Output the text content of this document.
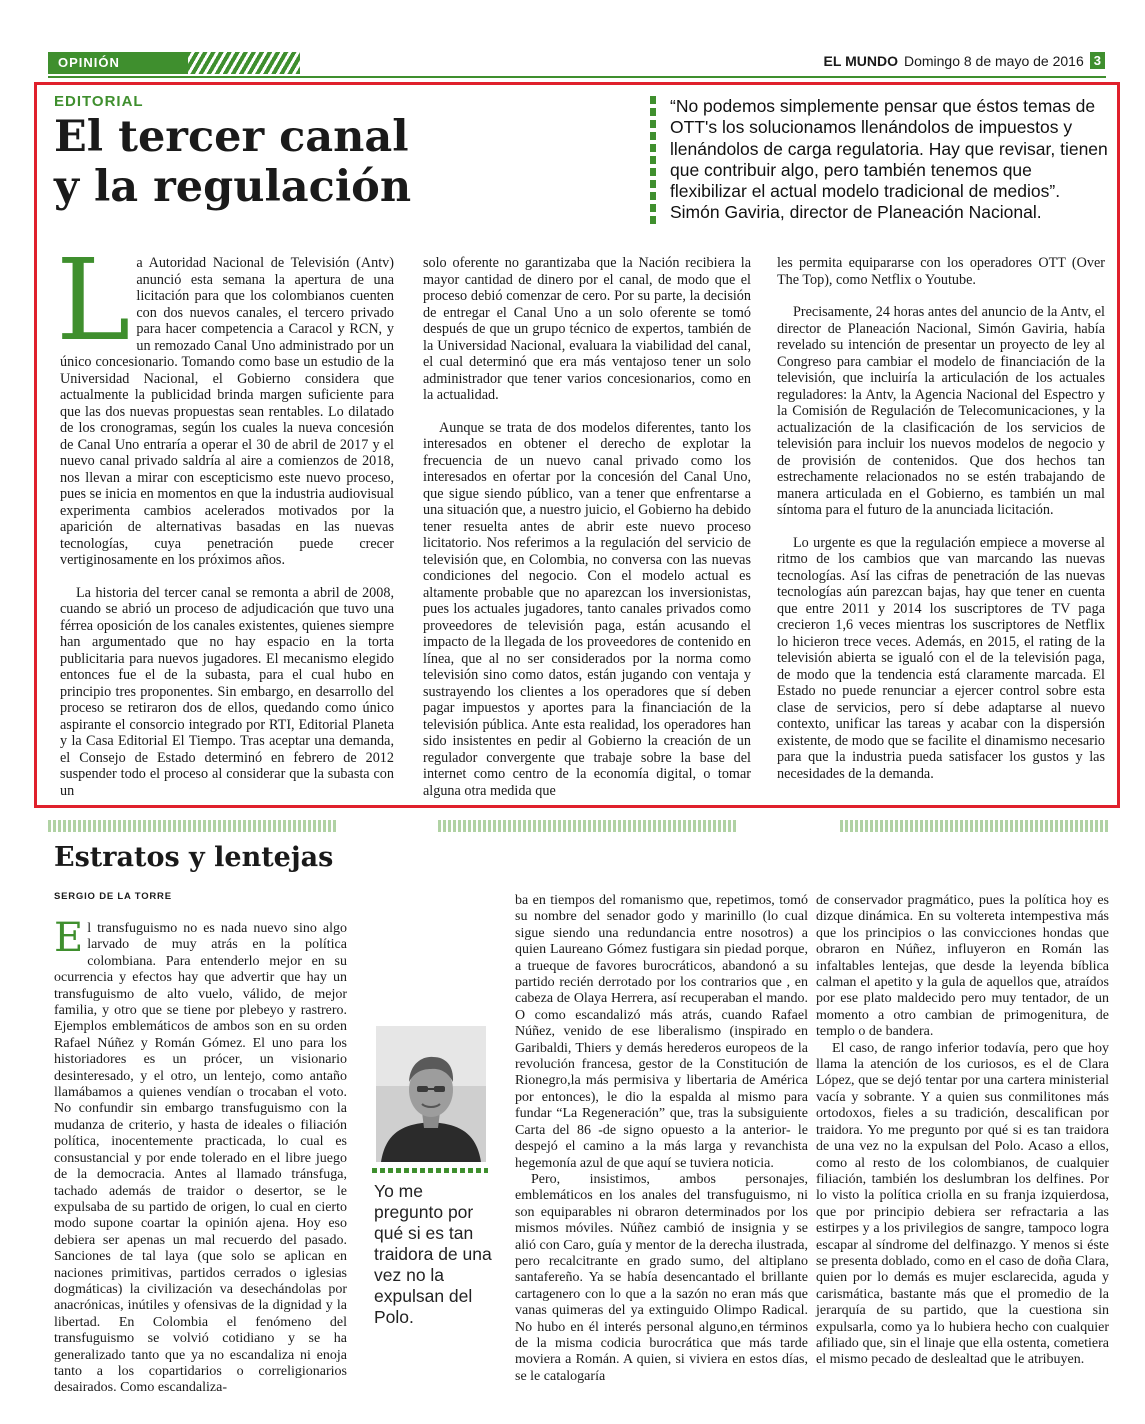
OPINIÓN	EL MUNDO Domingo 8 de mayo de 2016 3
EDITORIAL
El tercer canal
y la regulación
“No podemos simplemente pensar que éstos temas de OTT's los solucionamos llenándolos de impuestos y llenándolos de carga regulatoria. Hay que revisar, tienen que contribuir algo, pero también tenemos que flexibilizar el actual modelo tradicional de medios”.
Simón Gaviria, director de Planeación Nacional.

La Autoridad Nacional de Televisión (Antv) anunció esta semana la apertura de una licitación para que los colombianos cuenten con dos nuevos canales, el tercero privado para hacer competencia a Caracol y RCN, y un remozado Canal Uno administrado por un único concesionario. Tomando como base un estudio de la Universidad Nacional, el Gobierno considera que actualmente la publicidad brinda margen suficiente para que las dos nuevas propuestas sean rentables. Lo dilatado de los cronogramas, según los cuales la nueva concesión de Canal Uno entraría a operar el 30 de abril de 2017 y el nuevo canal privado saldría al aire a comienzos de 2018, nos llevan a mirar con escepticismo este nuevo proceso, pues se inicia en momentos en que la industria audiovisual experimenta cambios acelerados motivados por la aparición de alternativas basadas en las nuevas tecnologías, cuya penetración puede crecer vertiginosamente en los próximos años.

La historia del tercer canal se remonta a abril de 2008, cuando se abrió un proceso de adjudicación que tuvo una férrea oposición de los canales existentes, quienes siempre han argumentado que no hay espacio en la torta publicitaria para nuevos jugadores. El mecanismo elegido entonces fue el de la subasta, para el cual hubo en principio tres proponentes. Sin embargo, en desarrollo del proceso se retiraron dos de ellos, quedando como único aspirante el consorcio integrado por RTI, Editorial Planeta y la Casa Editorial El Tiempo. Tras aceptar una demanda, el Consejo de Estado determinó en febrero de 2012 suspender todo el proceso al considerar que la subasta con un

solo oferente no garantizaba que la Nación recibiera la mayor cantidad de dinero por el canal, de modo que el proceso debió comenzar de cero. Por su parte, la decisión de entregar el Canal Uno a un solo oferente se tomó después de que un grupo técnico de expertos, también de la Universidad Nacional, evaluara la viabilidad del canal, el cual determinó que era más ventajoso tener un solo administrador que tener varios concesionarios, como en la actualidad.

Aunque se trata de dos modelos diferentes, tanto los interesados en obtener el derecho de explotar la frecuencia de un nuevo canal privado como los interesados en ofertar por la concesión del Canal Uno, que sigue siendo público, van a tener que enfrentarse a una situación que, a nuestro juicio, el Gobierno ha debido tener resuelta antes de abrir este nuevo proceso licitatorio. Nos referimos a la regulación del servicio de televisión que, en Colombia, no conversa con las nuevas condiciones del negocio. Con el modelo actual es altamente probable que no aparezcan los inversionistas, pues los actuales jugadores, tanto canales privados como proveedores de televisión paga, están acusando el impacto de la llegada de los proveedores de contenido en línea, que al no ser considerados por la norma como televisión sino como datos, están jugando con ventaja y sustrayendo los clientes a los operadores que sí deben pagar impuestos y aportes para la financiación de la televisión pública. Ante esta realidad, los operadores han sido insistentes en pedir al Gobierno la creación de un regulador convergente que trabaje sobre la base del internet como centro de la economía digital, o tomar alguna otra medida que

les permita equipararse con los operadores OTT (Over The Top), como Netflix o Youtube.

Precisamente, 24 horas antes del anuncio de la Antv, el director de Planeación Nacional, Simón Gaviria, había revelado su intención de presentar un proyecto de ley al Congreso para cambiar el modelo de financiación de la televisión, que incluiría la articulación de los actuales reguladores: la Antv, la Agencia Nacional del Espectro y la Comisión de Regulación de Telecomunicaciones, y la actualización de la clasificación de los servicios de televisión para incluir los nuevos modelos de negocio y de provisión de contenidos. Que dos hechos tan estrechamente relacionados no se estén trabajando de manera articulada en el Gobierno, es también un mal síntoma para el futuro de la anunciada licitación.

Lo urgente es que la regulación empiece a moverse al ritmo de los cambios que van marcando las nuevas tecnologías. Así las cifras de penetración de las nuevas tecnologías aún parezcan bajas, hay que tener en cuenta que entre 2011 y 2014 los suscriptores de TV paga crecieron 1,6 veces mientras los suscriptores de Netflix lo hicieron trece veces. Además, en 2015, el rating de la televisión abierta se igualó con el de la televisión paga, de modo que la tendencia está claramente marcada. El Estado no puede renunciar a ejercer control sobre esta clase de servicios, pero sí debe adaptarse al nuevo contexto, unificar las tareas y acabar con la dispersión existente, de modo que se facilite el dinamismo necesario para que la industria pueda satisfacer los gustos y las necesidades de la demanda.

Estratos y lentejas
SERGIO DE LA TORRE

El transfuguismo no es nada nuevo sino algo larvado de muy atrás en la política colombiana. Para entenderlo mejor en su ocurrencia y efectos hay que advertir que hay un transfuguismo de alto vuelo, válido, de mejor familia, y otro que se tiene por plebeyo y rastrero. Ejemplos emblemáticos de ambos son en su orden Rafael Núñez y Román Gómez. El uno para los historiadores es un prócer, un visionario desinteresado, y el otro, un lentejo, como antaño llamábamos a quienes vendían o trocaban el voto. No confundir sin embargo transfuguismo con la mudanza de criterio, y hasta de ideales o filiación política, inocentemente practicada, lo cual es consustancial y por ende tolerado en el libre juego de la democracia. Antes al llamado tránsfuga, tachado además de traidor o desertor, se le expulsaba de su partido de origen, lo cual en cierto modo supone coartar la opinión ajena. Hoy eso debiera ser apenas un mal recuerdo del pasado. Sanciones de tal laya (que solo se aplican en naciones primitivas, partidos cerrados o iglesias dogmáticas) la civilización va desechándolas por anacrónicas, inútiles y ofensivas de la dignidad y la libertad. En Colombia el fenómeno del transfuguismo se volvió cotidiano y se ha generalizado tanto que ya no escandaliza ni enoja tanto a los copartidarios o correligionarios desairados. Como escandaliza-

Yo me pregunto por qué si es tan traidora de una vez no la expulsan del Polo.

ba en tiempos del romanismo que, repetimos, tomó su nombre del senador godo y marinillo (lo cual sigue siendo una redundancia entre nosotros) a quien Laureano Gómez fustigara sin piedad porque, a trueque de favores burocráticos, abandonó a su partido recién derrotado por los contrarios que , en cabeza de Olaya Herrera, así recuperaban el mando. O como escandalizó más atrás, cuando Rafael Núñez, venido de ese liberalismo (inspirado en Garibaldi, Thiers y demás herederos europeos de la revolución francesa, gestor de la Constitución de Rionegro,la más permisiva y libertaria de América por entonces), le dio la espalda al mismo para fundar “La Regeneración” que, tras la subsiguiente Carta del 86 -de signo opuesto a la anterior- le despejó el camino a la más larga y revanchista hegemonía azul de que aquí se tuviera noticia.

Pero, insistimos, ambos personajes, emblemáticos en los anales del transfuguismo, ni son equiparables ni obraron determinados por los mismos móviles. Núñez cambió de insignia y se alió con Caro, guía y mentor de la derecha ilustrada, pero recalcitrante en grado sumo, del altiplano santafereño. Ya se había desencantado el brillante cartagenero con lo que a la sazón no eran más que vanas quimeras del ya extinguido Olimpo Radical. No hubo en él interés personal alguno,en términos de la misma codicia burocrática que más tarde moviera a Román. A quien, si viviera en estos días, se le catalogaría

de conservador pragmático, pues la política hoy es dizque dinámica. En su voltereta intempestiva más que los principios o las convicciones hondas que obraron en Núñez, influyeron en Román las infaltables lentejas, que desde la leyenda bíblica calman el apetito y la gula de aquellos que, atraídos por ese plato maldecido pero muy tentador, de un momento a otro cambian de primogenitura, de templo o de bandera.

El caso, de rango inferior todavía, pero que hoy llama la atención de los curiosos, es el de Clara López, que se dejó tentar por una cartera ministerial vacía y sobrante. Y a quien sus conmilitones más ortodoxos, fieles a su tradición, descalifican por traidora. Yo me pregunto por qué si es tan traidora de una vez no la expulsan del Polo. Acaso a ellos, como al resto de los colombianos, de cualquier filiación, también los deslumbran los delfines. Por lo visto la política criolla en su franja izquierdosa, que por principio debiera ser refractaria a las estirpes y a los privilegios de sangre, tampoco logra escapar al síndrome del delfinazgo. Y menos si éste se presenta doblado, como en el caso de doña Clara, quien por lo demás es mujer esclarecida, aguda y carismática, bastante más que el promedio de la jerarquía de su partido, que la cuestiona sin expulsarla, como ya lo hubiera hecho con cualquier afiliado que, sin el linaje que ella ostenta, cometiera el mismo pecado de deslealtad que le atribuyen.
